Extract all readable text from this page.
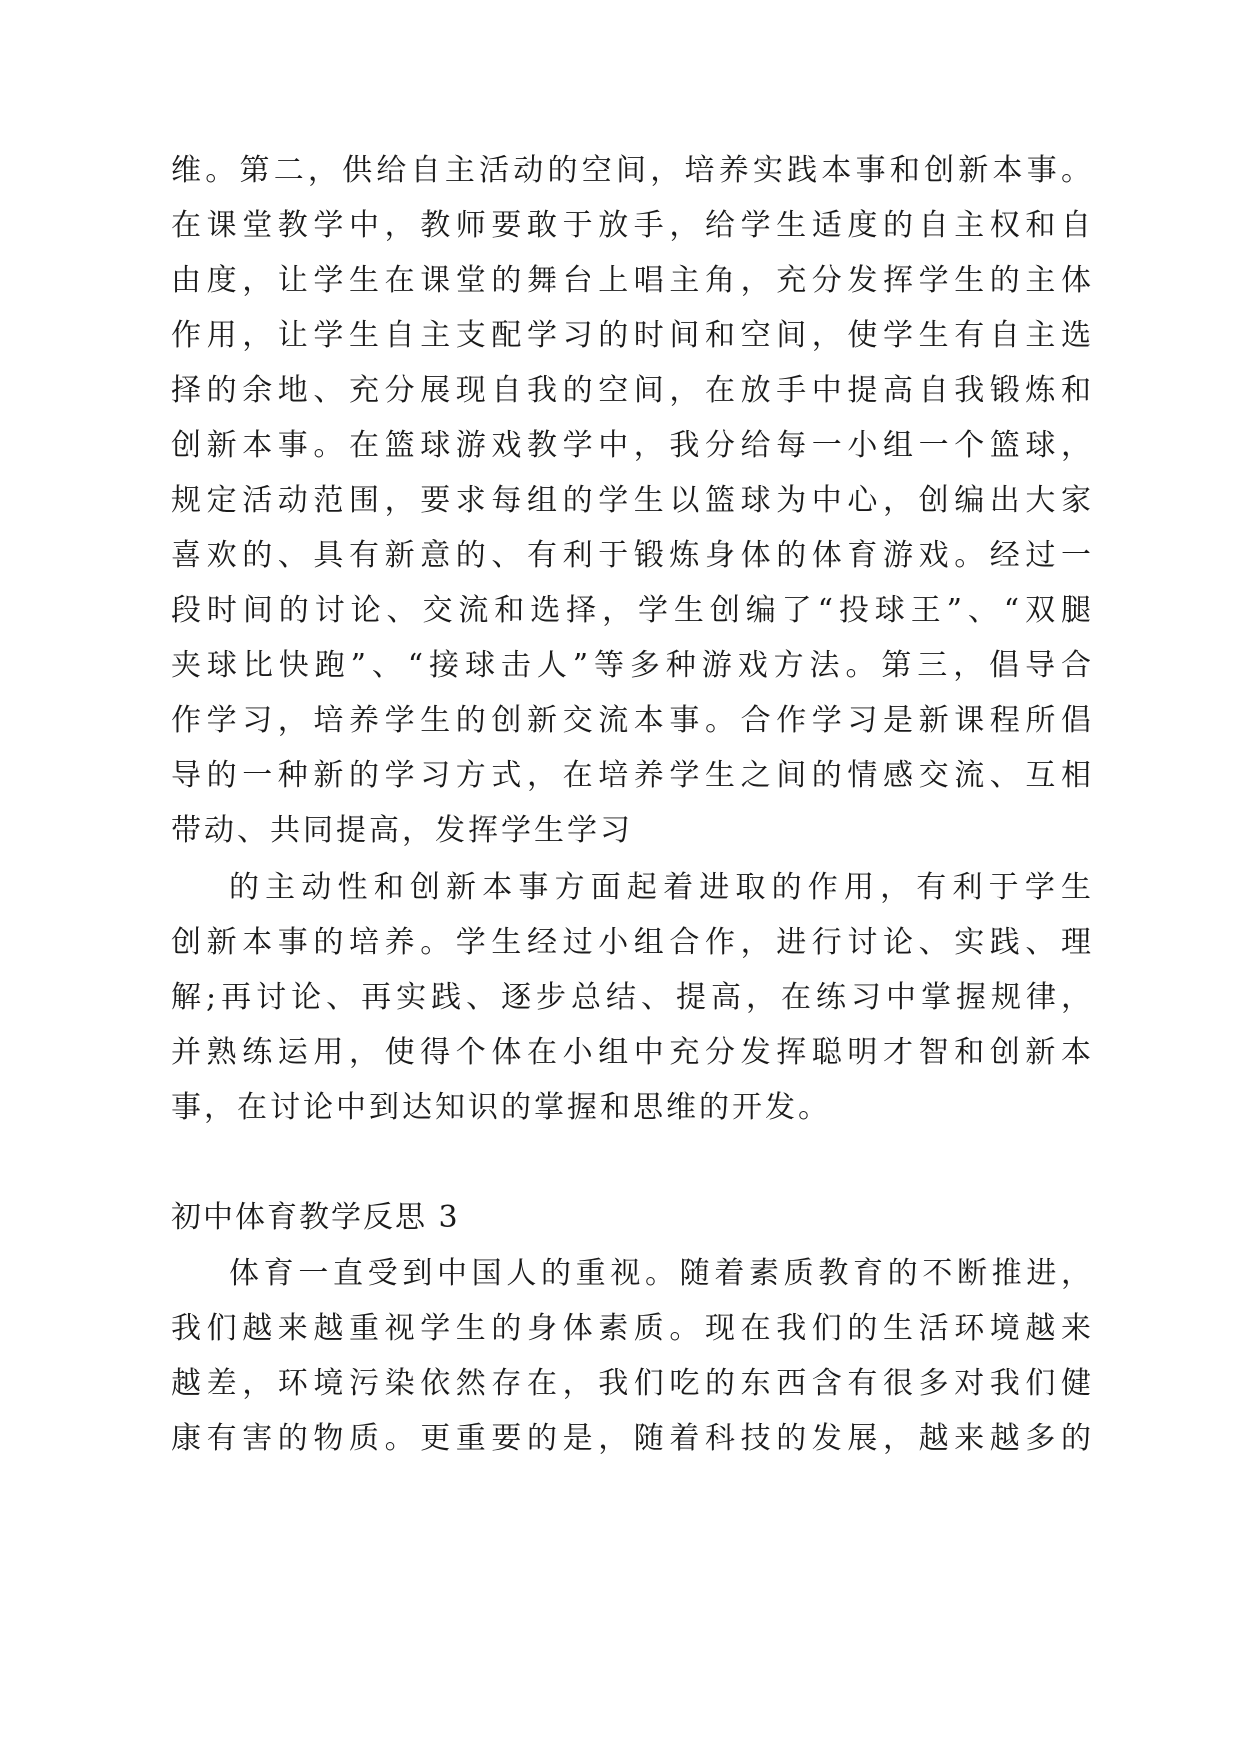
维。第二，供给自主活动的空间，培养实践本事和创新本事。
在课堂教学中，教师要敢于放手，给学生适度的自主权和自
由度，让学生在课堂的舞台上唱主角，充分发挥学生的主体
作用，让学生自主支配学习的时间和空间，使学生有自主选
择的余地、充分展现自我的空间，在放手中提高自我锻炼和
创新本事。在篮球游戏教学中，我分给每一小组一个篮球，
规定活动范围，要求每组的学生以篮球为中心，创编出大家
喜欢的、具有新意的、有利于锻炼身体的体育游戏。经过一
段时间的讨论、交流和选择，学生创编了“投球王”、“双腿
夹球比快跑”、“接球击人”等多种游戏方法。第三，倡导合
作学习，培养学生的创新交流本事。合作学习是新课程所倡
导的一种新的学习方式，在培养学生之间的情感交流、互相
带动、共同提高，发挥学生学习
的主动性和创新本事方面起着进取的作用，有利于学生
创新本事的培养。学生经过小组合作，进行讨论、实践、理
解;再讨论、再实践、逐步总结、提高，在练习中掌握规律，
并熟练运用，使得个体在小组中充分发挥聪明才智和创新本
事，在讨论中到达知识的掌握和思维的开发。
初中体育教学反思 3
体育一直受到中国人的重视。随着素质教育的不断推进，
我们越来越重视学生的身体素质。现在我们的生活环境越来
越差，环境污染依然存在，我们吃的东西含有很多对我们健
康有害的物质。更重要的是，随着科技的发展，越来越多的
